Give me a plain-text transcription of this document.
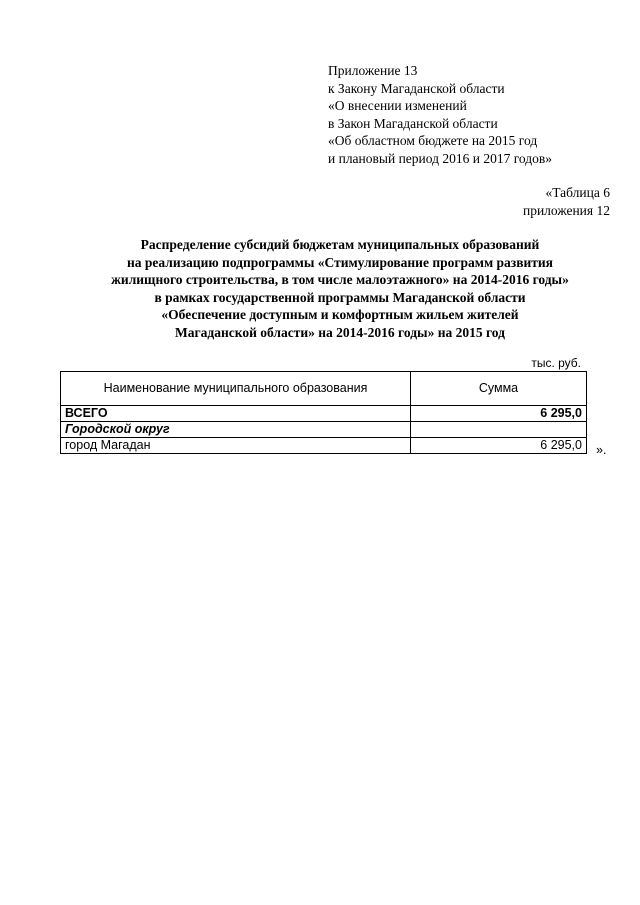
Приложение 13
к Закону Магаданской области
«О внесении изменений
в Закон Магаданской области
«Об областном бюджете на 2015 год
и плановый период 2016 и 2017 годов»
«Таблица 6
приложения 12
Распределение субсидий бюджетам муниципальных образований
на реализацию подпрограммы «Стимулирование программ развития
жилищного строительства, в том числе малоэтажного» на 2014-2016 годы»
в рамках государственной программы Магаданской области
«Обеспечение доступным и комфортным жильем жителей
Магаданской области» на 2014-2016 годы» на 2015 год
тыс. руб.
Наименование муниципального образования	Сумма
ВСЕГО	6 295,0
Городской округ	
город Магадан	6 295,0 ».
